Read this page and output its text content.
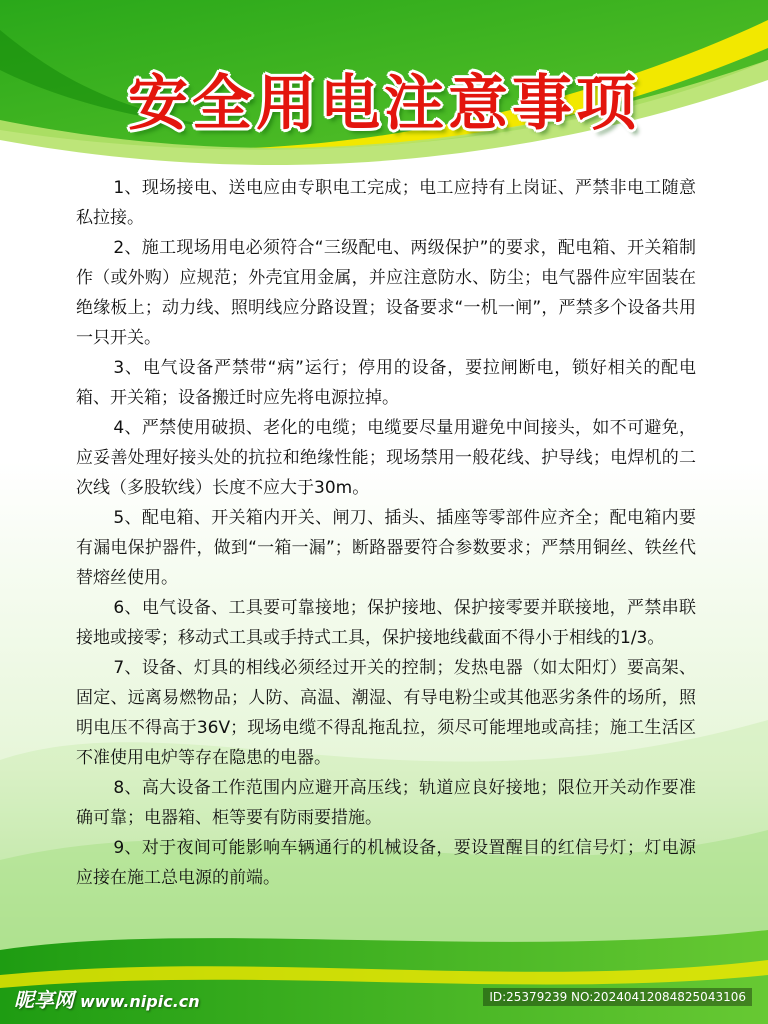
安全用电注意事项

1、现场接电、送电应由专职电工完成；电工应持有上岗证、严禁非电工随意私拉接。

2、施工现场用电必须符合“三级配电、两级保护”的要求，配电箱、开关箱制作（或外购）应规范；外壳宜用金属，并应注意防水、防尘；电气器件应牢固装在绝缘板上；动力线、照明线应分路设置；设备要求“一机一闸”，严禁多个设备共用一只开关。

3、电气设备严禁带“病”运行；停用的设备，要拉闸断电，锁好相关的配电箱、开关箱；设备搬迁时应先将电源拉掉。

4、严禁使用破损、老化的电缆；电缆要尽量用避免中间接头，如不可避免，应妥善处理好接头处的抗拉和绝缘性能；现场禁用一般花线、护导线；电焊机的二次线（多股软线）长度不应大于30m。

5、配电箱、开关箱内开关、闸刀、插头、插座等零部件应齐全；配电箱内要有漏电保护器件，做到“一箱一漏”；断路器要符合参数要求；严禁用铜丝、铁丝代替熔丝使用。

6、电气设备、工具要可靠接地；保护接地、保护接零要并联接地，严禁串联接地或接零；移动式工具或手持式工具，保护接地线截面不得小于相线的1/3。

7、设备、灯具的相线必须经过开关的控制；发热电器（如太阳灯）要高架、固定、远离易燃物品；人防、高温、潮湿、有导电粉尘或其他恶劣条件的场所，照明电压不得高于36V；现场电缆不得乱拖乱拉，须尽可能埋地或高挂；施工生活区不准使用电炉等存在隐患的电器。

8、高大设备工作范围内应避开高压线；轨道应良好接地；限位开关动作要准确可靠；电器箱、柜等要有防雨要措施。

9、对于夜间可能影响车辆通行的机械设备，要设置醒目的红信号灯；灯电源应接在施工总电源的前端。

昵享网 www.nipic.cn	ID:25379239 NO:20240412084825043106
